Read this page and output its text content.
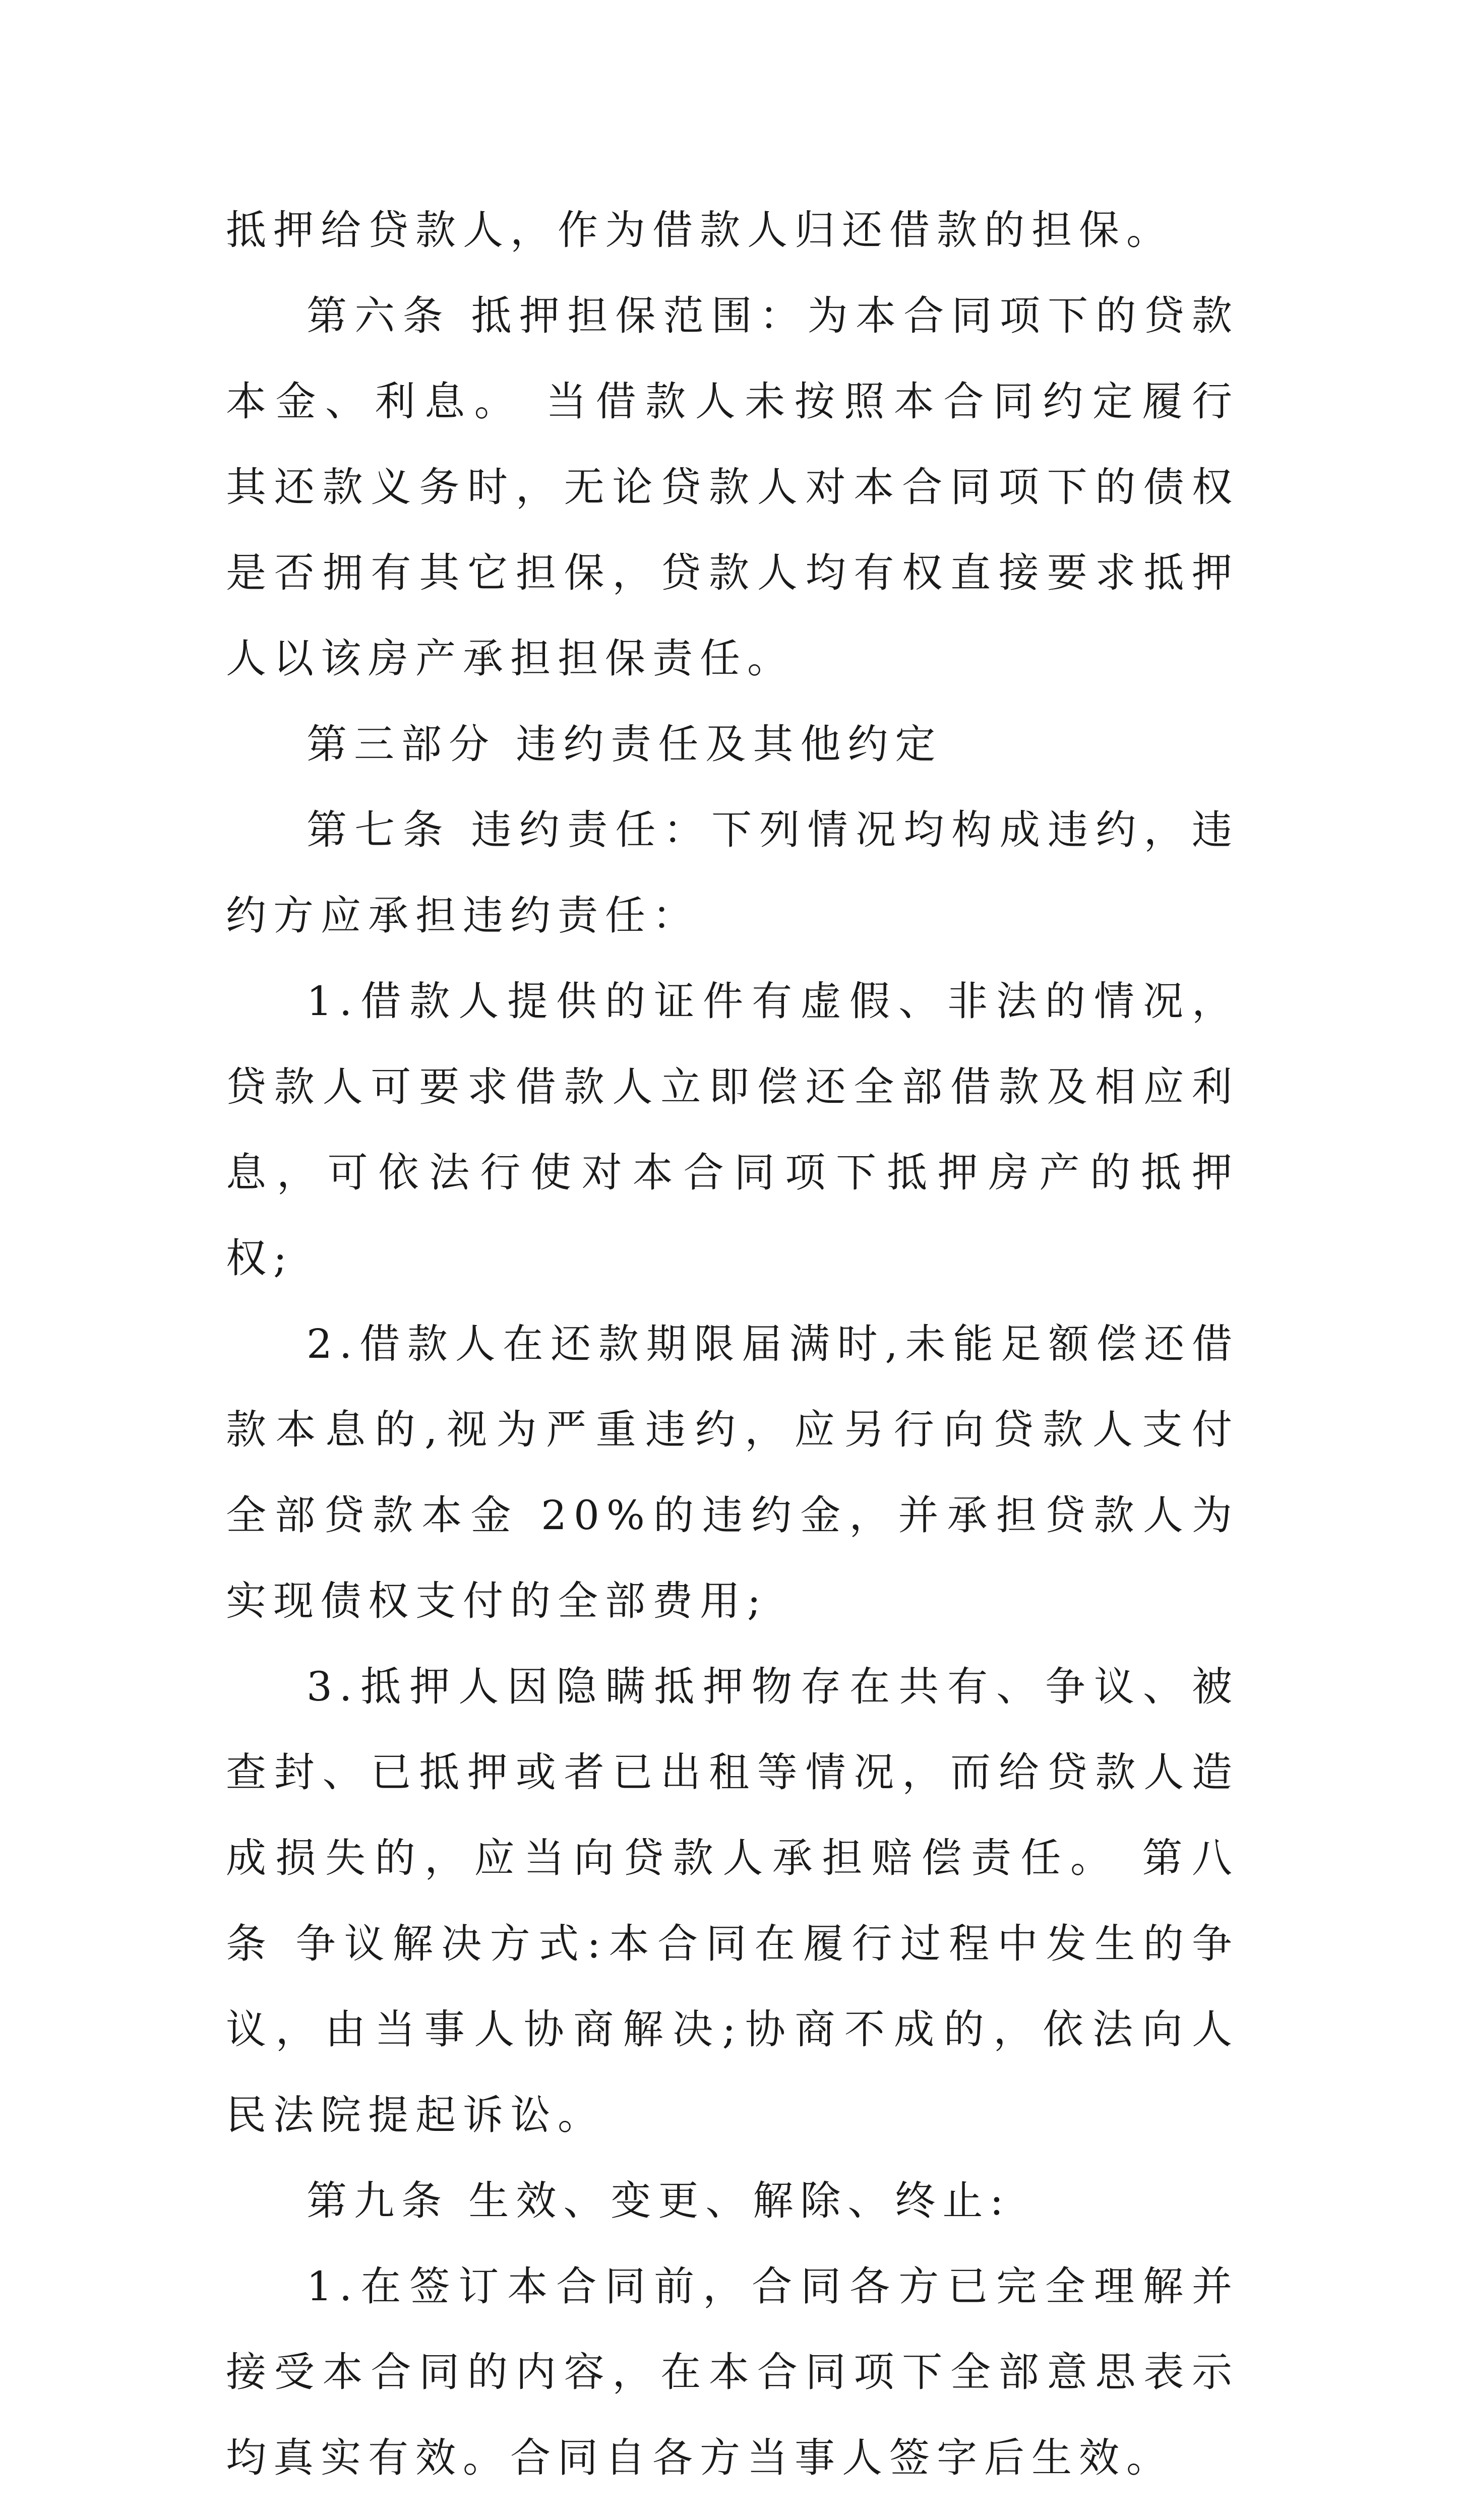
抵押给贷款人，作为借款人归还借款的担保。

第六条 抵押担保范围：为本合同项下的贷款本金、利息。 当借款人未按照本合同约定履行其还款义务时，无论贷款人对本合同项下的债权是否拥有其它担保，贷款人均有权直接要求抵押人以该房产承担担保责任。

第三部分 违约责任及其他约定

第七条 违约责任：下列情况均构成违约，违约方应承担违约责任：

1.借款人提供的证件有虚假、非法的情况，贷款人可要求借款人立即偿还全部借款及相应利息，可依法行使对本合同项下抵押房产的抵押权;

2.借款人在还款期限届满时,未能足额偿还借款本息的,视为严重违约，应另行向贷款人支付全部贷款本金 20%的违约金，并承担贷款人为实现债权支付的全部费用;

3.抵押人因隐瞒抵押物存在共有、争议、被查封、已抵押或者已出租等情况，而给贷款人造成损失的，应当向贷款人承担赔偿责任。 第八条 争议解决方式:本合同在履行过程中发生的争议，由当事人协商解决;协商不成的，依法向人民法院提起诉讼。

第九条 生效、变更、解除、终止:

1.在签订本合同前，合同各方已完全理解并接受本合同的内容，在本合同项下全部意思表示均真实有效。合同自各方当事人签字后生效。
